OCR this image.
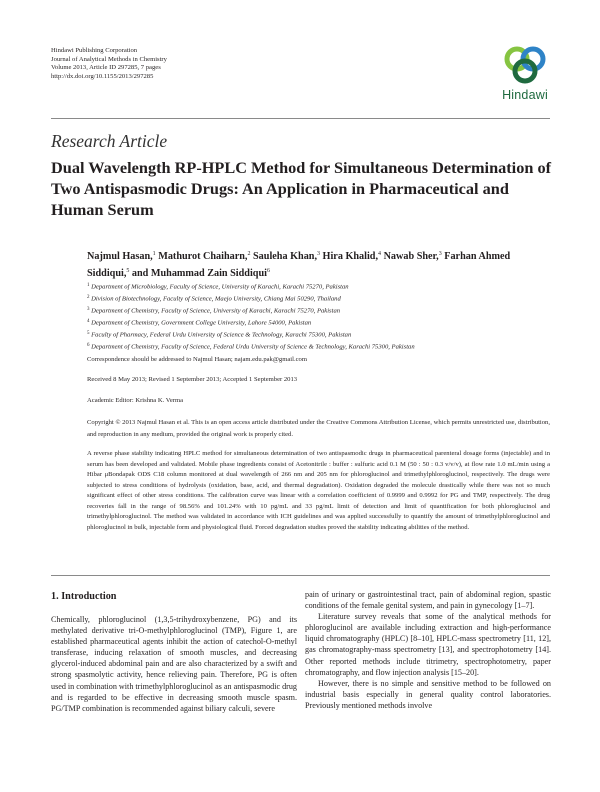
Hindawi Publishing Corporation
Journal of Analytical Methods in Chemistry
Volume 2013, Article ID 297285, 7 pages
http://dx.doi.org/10.1155/2013/297285
Hindawi
Research Article
Dual Wavelength RP-HPLC Method for Simultaneous Determination of Two Antispasmodic Drugs: An Application in Pharmaceutical and Human Serum
Najmul Hasan,$^1$ Mathurot Chaiharn,$^2$ Sauleha Khan,$^3$ Hira Khalid,$^4$ Nawab Sher,$^3$ Farhan Ahmed Siddiqui,$^5$ and Muhammad Zain Siddiqui$^6$
$^1$ Department of Microbiology, Faculty of Science, University of Karachi, Karachi 75270, Pakistan
$^2$ Division of Biotechnology, Faculty of Science, Maejo University, Chiang Mai 50290, Thailand
$^3$ Department of Chemistry, Faculty of Science, University of Karachi, Karachi 75270, Pakistan
$^4$ Department of Chemistry, Government College University, Lahore 54000, Pakistan
$^5$ Faculty of Pharmacy, Federal Urdu University of Science & Technology, Karachi 75300, Pakistan
$^6$ Department of Chemistry, Faculty of Science, Federal Urdu University of Science & Technology, Karachi 75300, Pakistan
Correspondence should be addressed to Najmul Hasan; najam.edu.pak@gmail.com
Received 8 May 2013; Revised 1 September 2013; Accepted 1 September 2013
Academic Editor: Krishna K. Verma
Copyright © 2013 Najmul Hasan et al. This is an open access article distributed under the Creative Commons Attribution License, which permits unrestricted use, distribution, and reproduction in any medium, provided the original work is properly cited.
A reverse phase stability indicating HPLC method for simultaneous determination of two antispasmodic drugs in pharmaceutical parenteral dosage forms (injectable) and in serum has been developed and validated. Mobile phase ingredients consist of Acetonitrile : buffer : sulfuric acid 0.1 M (50 : 50 : 0.3 v/v/v), at flow rate 1.0 mL/min using a Hibar μBondapak ODS C18 column monitored at dual wavelength of 266 nm and 205 nm for phloroglucinol and trimethylphloroglucinol, respectively. The drugs were subjected to stress conditions of hydrolysis (oxidation, base, acid, and thermal degradation). Oxidation degraded the molecule drastically while there was not so much significant effect of other stress conditions. The calibration curve was linear with a correlation coefficient of 0.9999 and 0.9992 for PG and TMP, respectively. The drug recoveries fall in the range of 98.56% and 101.24% with 10 pg/mL and 33 pg/mL limit of detection and limit of quantification for both phloroglucinol and trimethylphloroglucinol. The method was validated in accordance with ICH guidelines and was applied successfully to quantify the amount of trimethylphloroglucinol and phloroglucinol in bulk, injectable form and physiological fluid. Forced degradation studies proved the stability indicating abilities of the method.
1. Introduction

Chemically, phloroglucinol (1,3,5-trihydroxybenzene, PG) and its methylated derivative tri-O-methylphloroglucinol (TMP), Figure 1, are established pharmaceutical agents inhibit the action of catechol-O-methyl transferase, inducing relaxation of smooth muscles, and decreasing glycerol-induced abdominal pain and are also characterized by a swift and strong spasmolytic activity, hence relieving pain. Therefore, PG is often used in combination with trimethylphloroglucinol as an antispasmodic drug and is regarded to be effective in decreasing smooth muscle spasm. PG/TMP combination is recommended against biliary calculi, severe

pain of urinary or gastrointestinal tract, pain of abdominal region, spastic conditions of the female genital system, and pain in gynecology [1–7].

Literature survey reveals that some of the analytical methods for phloroglucinol are available including extraction and high-performance liquid chromatography (HPLC) [8–10], HPLC-mass spectrometry [11, 12], gas chromatography-mass spectrometry [13], and spectrophotometry [14]. Other reported methods include titrimetry, spectrophotometry, paper chromatography, and flow injection analysis [15–20].

However, there is no simple and sensitive method to be followed on industrial basis especially in general quality control laboratories. Previously mentioned methods involve
